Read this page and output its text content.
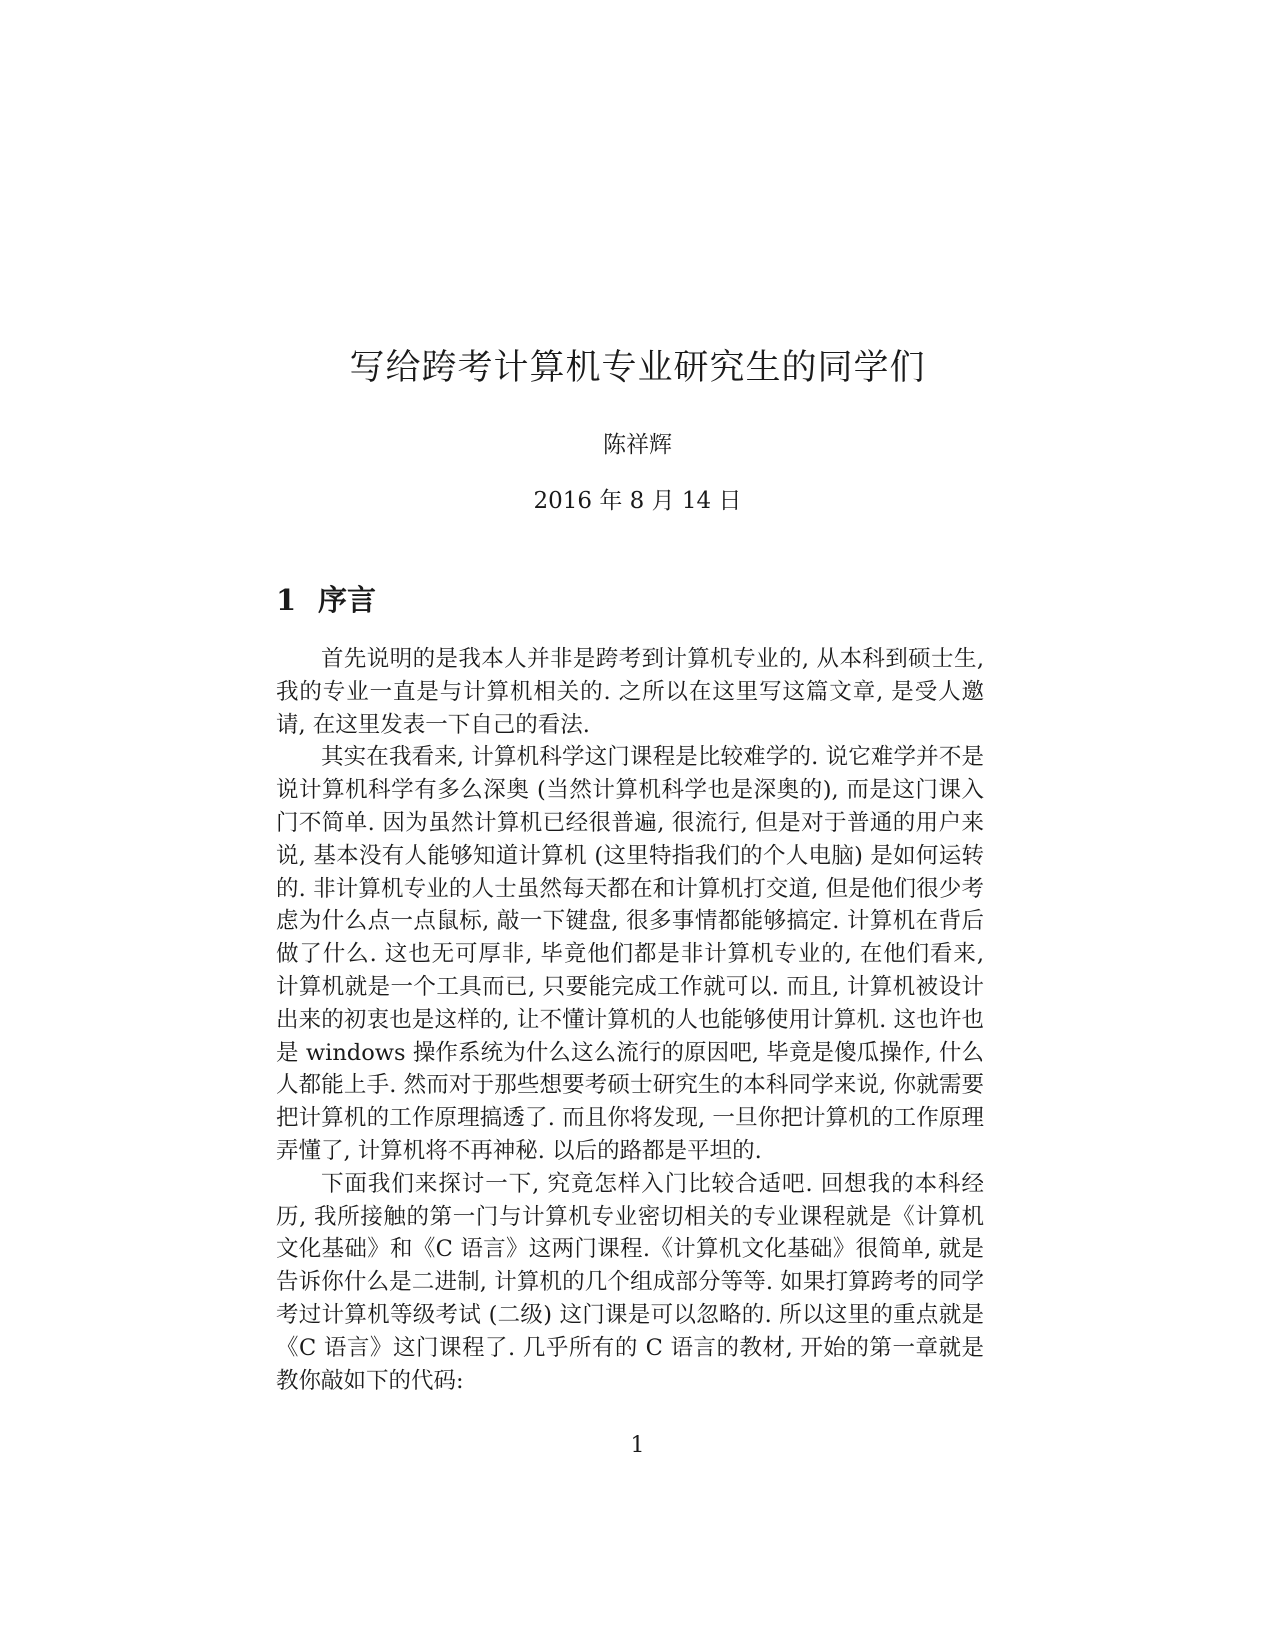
写给跨考计算机专业研究生的同学们
陈祥辉
2016 年 8 月 14 日
1 序言

首先说明的是我本人并非是跨考到计算机专业的, 从本科到硕士生, 我的专业一直是与计算机相关的. 之所以在这里写这篇文章, 是受人邀请, 在这里发表一下自己的看法.

其实在我看来, 计算机科学这门课程是比较难学的. 说它难学并不是说计算机科学有多么深奥 (当然计算机科学也是深奥的), 而是这门课入门不简单. 因为虽然计算机已经很普遍, 很流行, 但是对于普通的用户来说, 基本没有人能够知道计算机 (这里特指我们的个人电脑) 是如何运转的. 非计算机专业的人士虽然每天都在和计算机打交道, 但是他们很少考虑为什么点一点鼠标, 敲一下键盘, 很多事情都能够搞定. 计算机在背后做了什么. 这也无可厚非, 毕竟他们都是非计算机专业的, 在他们看来, 计算机就是一个工具而已, 只要能完成工作就可以. 而且, 计算机被设计出来的初衷也是这样的, 让不懂计算机的人也能够使用计算机. 这也许也是 windows 操作系统为什么这么流行的原因吧, 毕竟是傻瓜操作, 什么人都能上手. 然而对于那些想要考硕士研究生的本科同学来说, 你就需要把计算机的工作原理搞透了. 而且你将发现, 一旦你把计算机的工作原理弄懂了, 计算机将不再神秘. 以后的路都是平坦的.

下面我们来探讨一下, 究竟怎样入门比较合适吧. 回想我的本科经历, 我所接触的第一门与计算机专业密切相关的专业课程就是《计算机文化基础》和《C 语言》这两门课程.《计算机文化基础》很简单, 就是告诉你什么是二进制, 计算机的几个组成部分等等. 如果打算跨考的同学考过计算机等级考试 (二级) 这门课是可以忽略的. 所以这里的重点就是《C 语言》这门课程了. 几乎所有的 C 语言的教材, 开始的第一章就是教你敲如下的代码:

1
